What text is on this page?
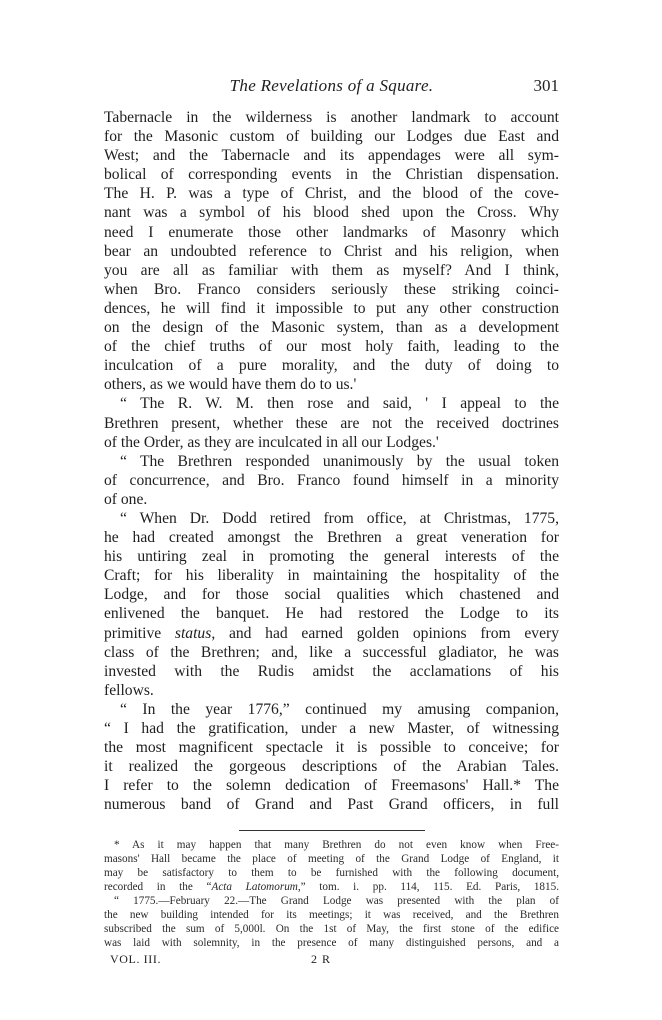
The Revelations of a Square.	301
Tabernacle in the wilderness is another landmark to account
for the Masonic custom of building our Lodges due East and
West; and the Tabernacle and its appendages were all sym-
bolical of corresponding events in the Christian dispensation.
The H. P. was a type of Christ, and the blood of the cove-
nant was a symbol of his blood shed upon the Cross. Why
need I enumerate those other landmarks of Masonry which
bear an undoubted reference to Christ and his religion, when
you are all as familiar with them as myself? And I think,
when Bro. Franco considers seriously these striking coinci-
dences, he will find it impossible to put any other construction
on the design of the Masonic system, than as a development
of the chief truths of our most holy faith, leading to the
inculcation of a pure morality, and the duty of doing to
others, as we would have them do to us.'
“ The R. W. M. then rose and said, ' I appeal to the
Brethren present, whether these are not the received doctrines
of the Order, as they are inculcated in all our Lodges.'
“ The Brethren responded unanimously by the usual token
of concurrence, and Bro. Franco found himself in a minority
of one.
“ When Dr. Dodd retired from office, at Christmas, 1775,
he had created amongst the Brethren a great veneration for
his untiring zeal in promoting the general interests of the
Craft; for his liberality in maintaining the hospitality of the
Lodge, and for those social qualities which chastened and
enlivened the banquet. He had restored the Lodge to its
primitive status, and had earned golden opinions from every
class of the Brethren; and, like a successful gladiator, he was
invested with the Rudis amidst the acclamations of his
fellows.
“ In the year 1776,” continued my amusing companion,
“ I had the gratification, under a new Master, of witnessing
the most magnificent spectacle it is possible to conceive; for
it realized the gorgeous descriptions of the Arabian Tales.
I refer to the solemn dedication of Freemasons' Hall.* The
numerous band of Grand and Past Grand officers, in full
* As it may happen that many Brethren do not even know when Free-
masons' Hall became the place of meeting of the Grand Lodge of England, it
may be satisfactory to them to be furnished with the following document,
recorded in the “Acta Latomorum,” tom. i. pp. 114, 115. Ed. Paris, 1815.
“ 1775.—February 22.—The Grand Lodge was presented with the plan of
the new building intended for its meetings; it was received, and the Brethren
subscribed the sum of 5,000l. On the 1st of May, the first stone of the edifice
was laid with solemnity, in the presence of many distinguished persons, and a
VOL. III.	2 R
